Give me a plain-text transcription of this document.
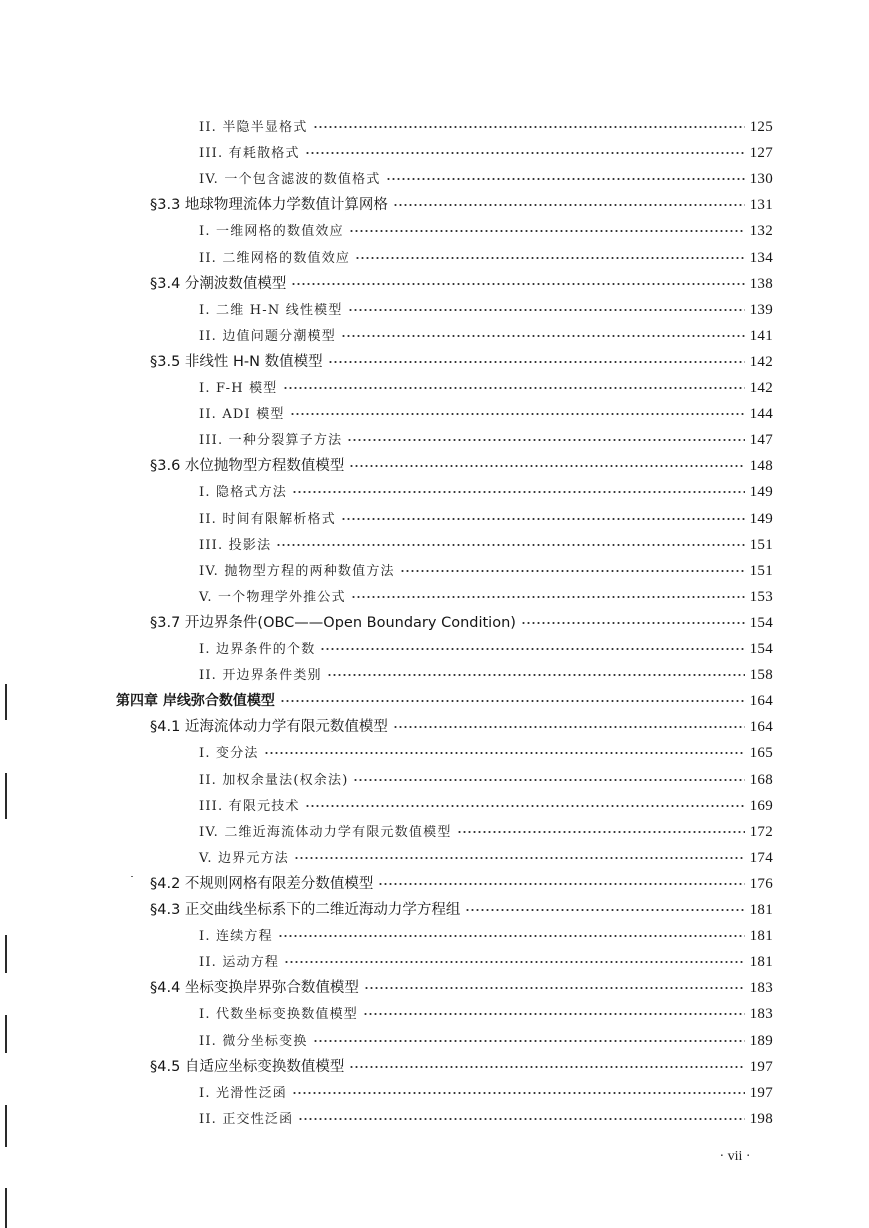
II. 半隐半显格式	125
III. 有耗散格式	127
IV. 一个包含滤波的数值格式	130
§3.3 地球物理流体力学数值计算网格	131
I. 一维网格的数值效应	132
II. 二维网格的数值效应	134
§3.4 分潮波数值模型	138
I. 二维 H-N 线性模型	139
II. 边值问题分潮模型	141
§3.5 非线性 H-N 数值模型	142
I. F-H 模型	142
II. ADI 模型	144
III. 一种分裂算子方法	147
§3.6 水位抛物型方程数值模型	148
I. 隐格式方法	149
II. 时间有限解析格式	149
III. 投影法	151
IV. 抛物型方程的两种数值方法	151
V. 一个物理学外推公式	153
§3.7 开边界条件(OBC——Open Boundary Condition)	154
I. 边界条件的个数	154
II. 开边界条件类别	158
第四章 岸线弥合数值模型	164
§4.1 近海流体动力学有限元数值模型	164
I. 变分法	165
II. 加权余量法(权余法)	168
III. 有限元技术	169
IV. 二维近海流体动力学有限元数值模型	172
V. 边界元方法	174
§4.2 不规则网格有限差分数值模型	176
§4.3 正交曲线坐标系下的二维近海动力学方程组	181
I. 连续方程	181
II. 运动方程	181
§4.4 坐标变换岸界弥合数值模型	183
I. 代数坐标变换数值模型	183
II. 微分坐标变换	189
§4.5 自适应坐标变换数值模型	197
I. 光滑性泛函	197
II. 正交性泛函	198
· vii ·
